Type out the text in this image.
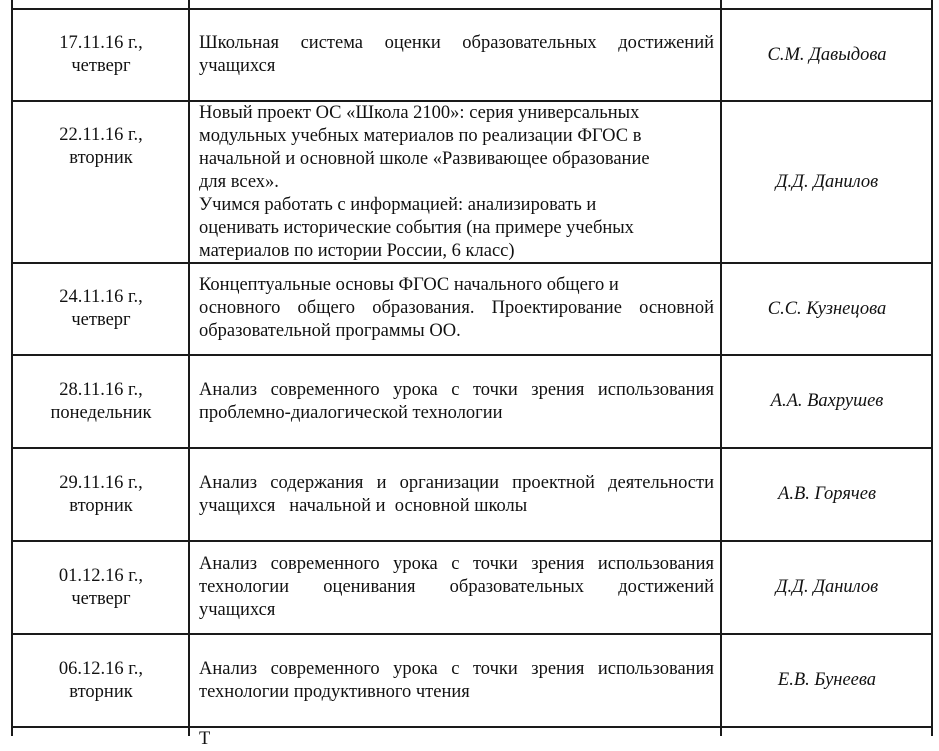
17.11.16 г.,
четверг
Школьная система оценки образовательных достижений
учащихся
С.М. Давыдова
22.11.16 г.,
вторник
Новый проект ОС «Школа 2100»: серия универсальных
модульных учебных материалов по реализации ФГОС в
начальной и основной школе «Развивающее образование
для всех».
Учимся работать с информацией: анализировать и
оценивать исторические события (на примере учебных
материалов по истории России, 6 класс)
Д.Д. Данилов
24.11.16 г.,
четверг
Концептуальные основы ФГОС начального общего и
основного общего образования. Проектирование основной
образовательной программы ОО.
С.С. Кузнецова
28.11.16 г.,
понедельник
Анализ современного урока с точки зрения использования
проблемно-диалогической технологии
А.А. Вахрушев
29.11.16 г.,
вторник
Анализ содержания и организации проектной деятельности
учащихся   начальной и  основной школы
А.В. Горячев
01.12.16 г.,
четверг
Анализ современного урока с точки зрения использования
технологии оценивания образовательных достижений
учащихся
Д.Д. Данилов
06.12.16 г.,
вторник
Анализ современного урока с точки зрения использования
технологии продуктивного чтения
Е.В. Бунеева
Т
